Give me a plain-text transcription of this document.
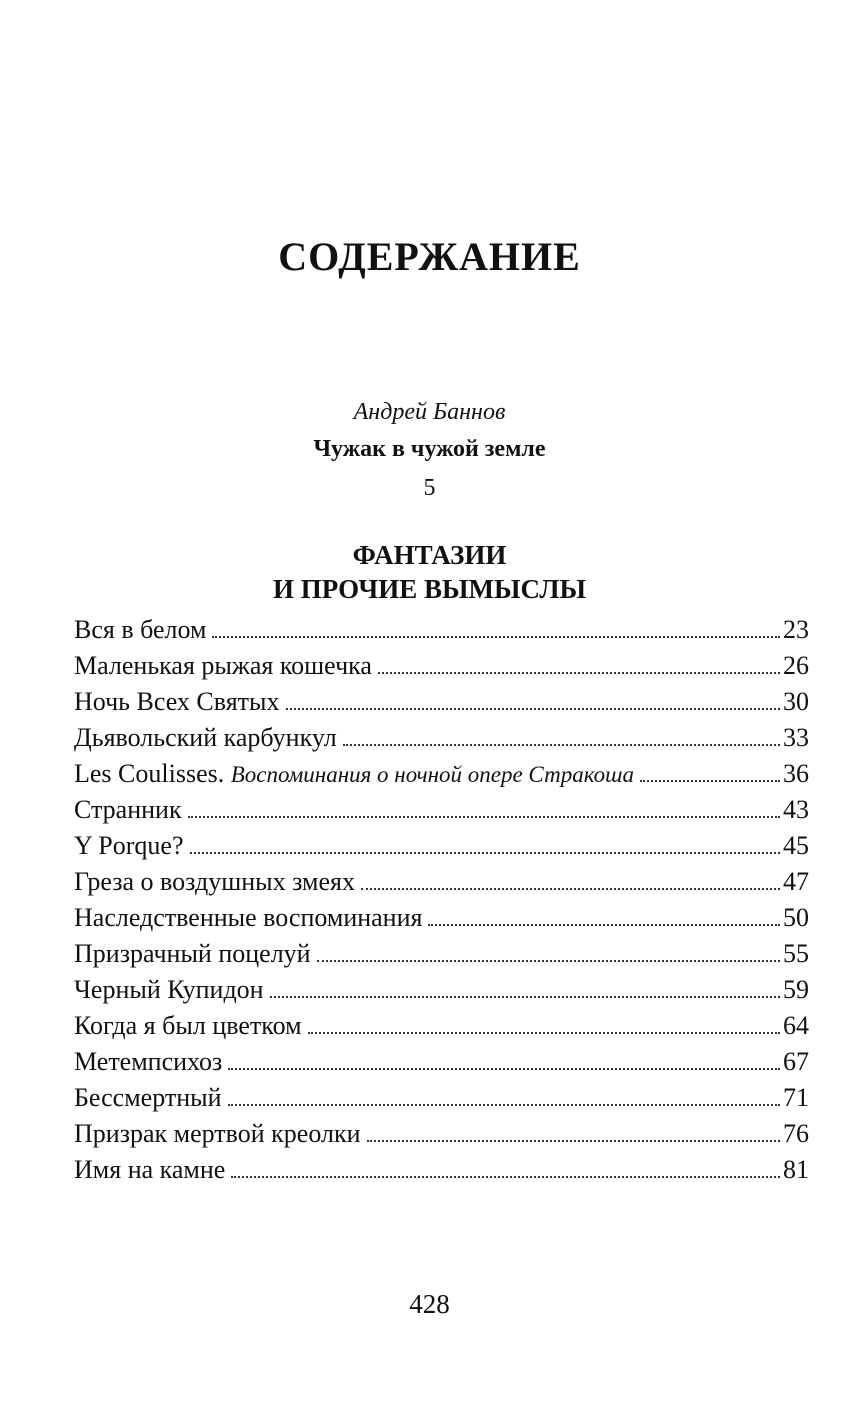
СОДЕРЖАНИЕ
Андрей Баннов
Чужак в чужой земле
5
ФАНТАЗИИ
И ПРОЧИЕ ВЫМЫСЛЫ
Вся в белом	23
Маленькая рыжая кошечка	26
Ночь Всех Святых	30
Дьявольский карбункул	33
Les Coulisses. Воспоминания о ночной опере Стракоша	36
Странник	43
Y Porque?	45
Греза о воздушных змеях	47
Наследственные воспоминания	50
Призрачный поцелуй	55
Черный Купидон	59
Когда я был цветком	64
Метемпсихоз	67
Бессмертный	71
Призрак мертвой креолки	76
Имя на камне	81
428
